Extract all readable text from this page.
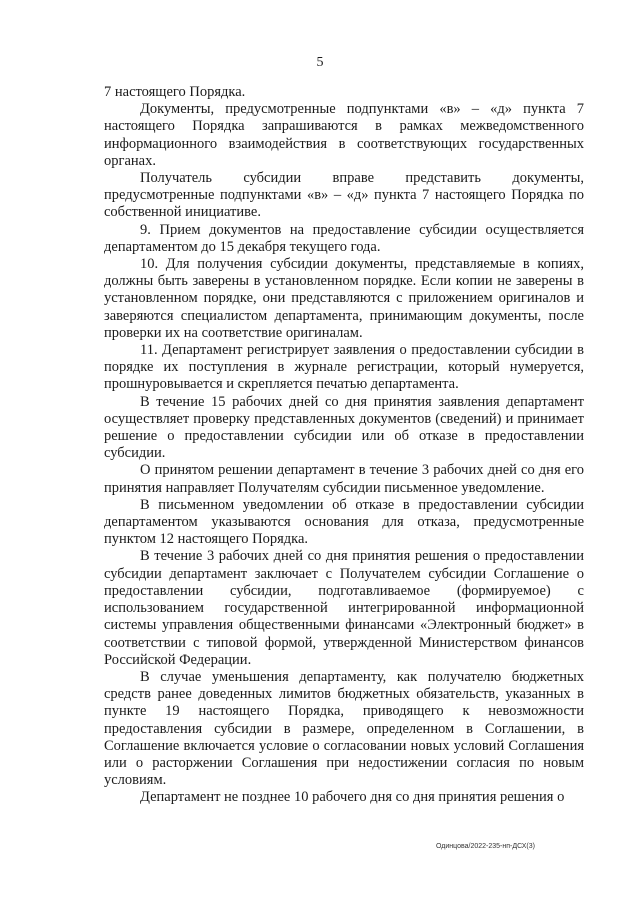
5

7 настоящего Порядка.

Документы, предусмотренные подпунктами «в» – «д» пункта 7 настоящего Порядка запрашиваются в рамках межведомственного информационного взаимодействия в соответствующих государственных органах.

Получатель субсидии вправе представить документы, предусмотренные подпунктами «в» – «д» пункта 7 настоящего Порядка по собственной инициативе.

9. Прием документов на предоставление субсидии осуществляется департаментом до 15 декабря текущего года.

10. Для получения субсидии документы, представляемые в копиях, должны быть заверены в установленном порядке. Если копии не заверены в установленном порядке, они представляются с приложением оригиналов и заверяются специалистом департамента, принимающим документы, после проверки их на соответствие оригиналам.

11. Департамент регистрирует заявления о предоставлении субсидии в порядке их поступления в журнале регистрации, который нумеруется, прошнуровывается и скрепляется печатью департамента.

В течение 15 рабочих дней со дня принятия заявления департамент осуществляет проверку представленных документов (сведений) и принимает решение о предоставлении субсидии или об отказе в предоставлении субсидии.

О принятом решении департамент в течение 3 рабочих дней со дня его принятия направляет Получателям субсидии письменное уведомление.

В письменном уведомлении об отказе в предоставлении субсидии департаментом указываются основания для отказа, предусмотренные пунктом 12 настоящего Порядка.

В течение 3 рабочих дней со дня принятия решения о предоставлении субсидии департамент заключает с Получателем субсидии Соглашение о предоставлении субсидии, подготавливаемое (формируемое) с использованием государственной интегрированной информационной системы управления общественными финансами «Электронный бюджет» в соответствии с типовой формой, утвержденной Министерством финансов Российской Федерации.

В случае уменьшения департаменту, как получателю бюджетных средств ранее доведенных лимитов бюджетных обязательств, указанных в пункте 19 настоящего Порядка, приводящего к невозможности предоставления субсидии в размере, определенном в Соглашении, в Соглашение включается условие о согласовании новых условий Соглашения или о расторжении Соглашения при недостижении согласия по новым условиям.

Департамент не позднее 10 рабочего дня со дня принятия решения о

Одинцова/2022-235-нп-ДСХ(3)
